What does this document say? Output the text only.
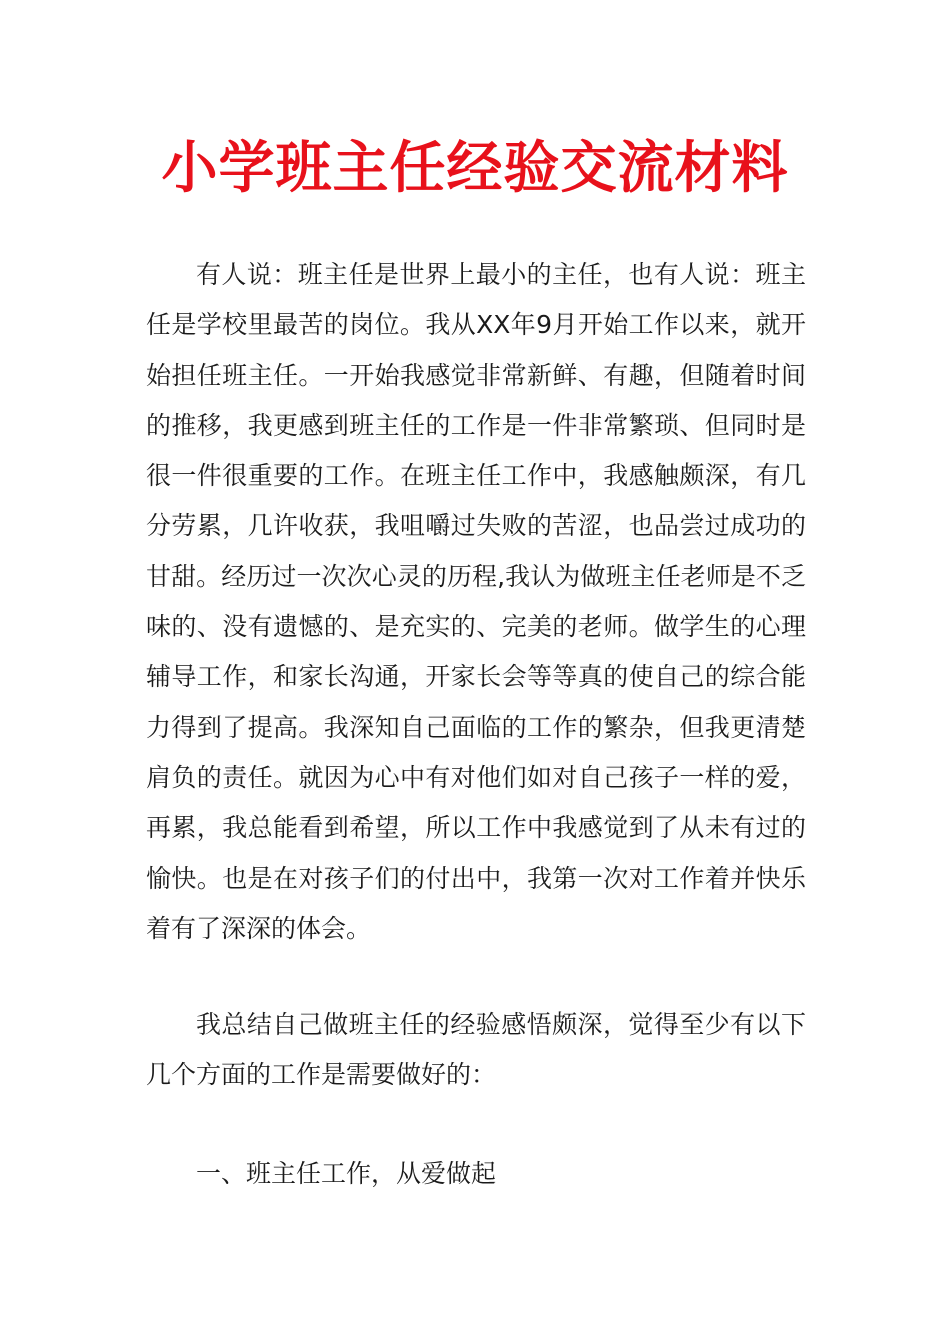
小学班主任经验交流材料

有人说：班主任是世界上最小的主任，也有人说：班主任是学校里最苦的岗位。我从XX年9月开始工作以来，就开始担任班主任。一开始我感觉非常新鲜、有趣，但随着时间的推移，我更感到班主任的工作是一件非常繁琐、但同时是很一件很重要的工作。在班主任工作中，我感触颇深，有几分劳累，几许收获，我咀嚼过失败的苦涩，也品尝过成功的甘甜。经历过一次次心灵的历程,我认为做班主任老师是不乏味的、没有遗憾的、是充实的、完美的老师。做学生的心理辅导工作，和家长沟通，开家长会等等真的使自己的综合能力得到了提高。我深知自己面临的工作的繁杂，但我更清楚肩负的责任。就因为心中有对他们如对自己孩子一样的爱，再累，我总能看到希望，所以工作中我感觉到了从未有过的愉快。也是在对孩子们的付出中，我第一次对工作着并快乐着有了深深的体会。

我总结自己做班主任的经验感悟颇深，觉得至少有以下几个方面的工作是需要做好的：

一、班主任工作，从爱做起
